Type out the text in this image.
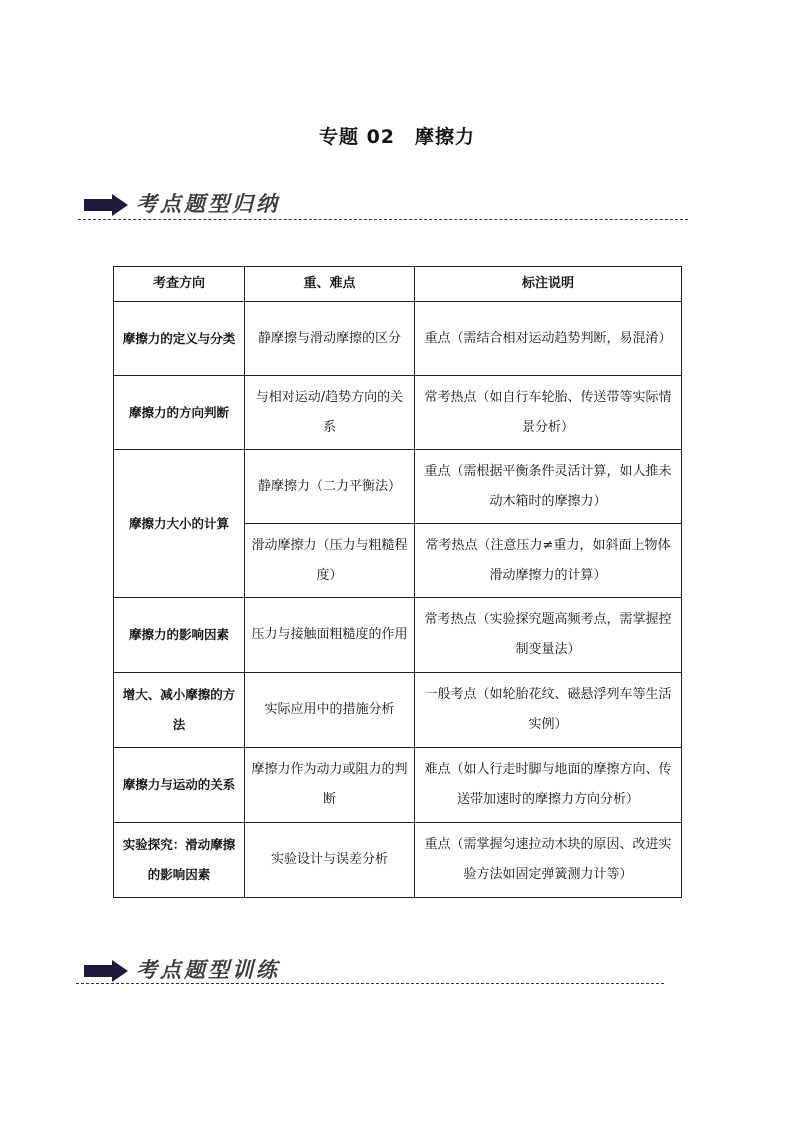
专题 02 摩擦力
考点题型归纳
考查方向	重、难点	标注说明
摩擦力的定义与分类	静摩擦与滑动摩擦的区分	重点（需结合相对运动趋势判断，易混淆）
摩擦力的方向判断	与相对运动/趋势方向的关系	常考热点（如自行车轮胎、传送带等实际情景分析）
摩擦力大小的计算	静摩擦力（二力平衡法）	重点（需根据平衡条件灵活计算，如人推未动木箱时的摩擦力）
	滑动摩擦力（压力与粗糙程度）	常考热点（注意压力≠重力，如斜面上物体滑动摩擦力的计算）
摩擦力的影响因素	压力与接触面粗糙度的作用	常考热点（实验探究题高频考点，需掌握控制变量法）
增大、减小摩擦的方法	实际应用中的措施分析	一般考点（如轮胎花纹、磁悬浮列车等生活实例）
摩擦力与运动的关系	摩擦力作为动力或阻力的判断	难点（如人行走时脚与地面的摩擦方向、传送带加速时的摩擦力方向分析）
实验探究：滑动摩擦的影响因素	实验设计与误差分析	重点（需掌握匀速拉动木块的原因、改进实验方法如固定弹簧测力计等）
考点题型训练
